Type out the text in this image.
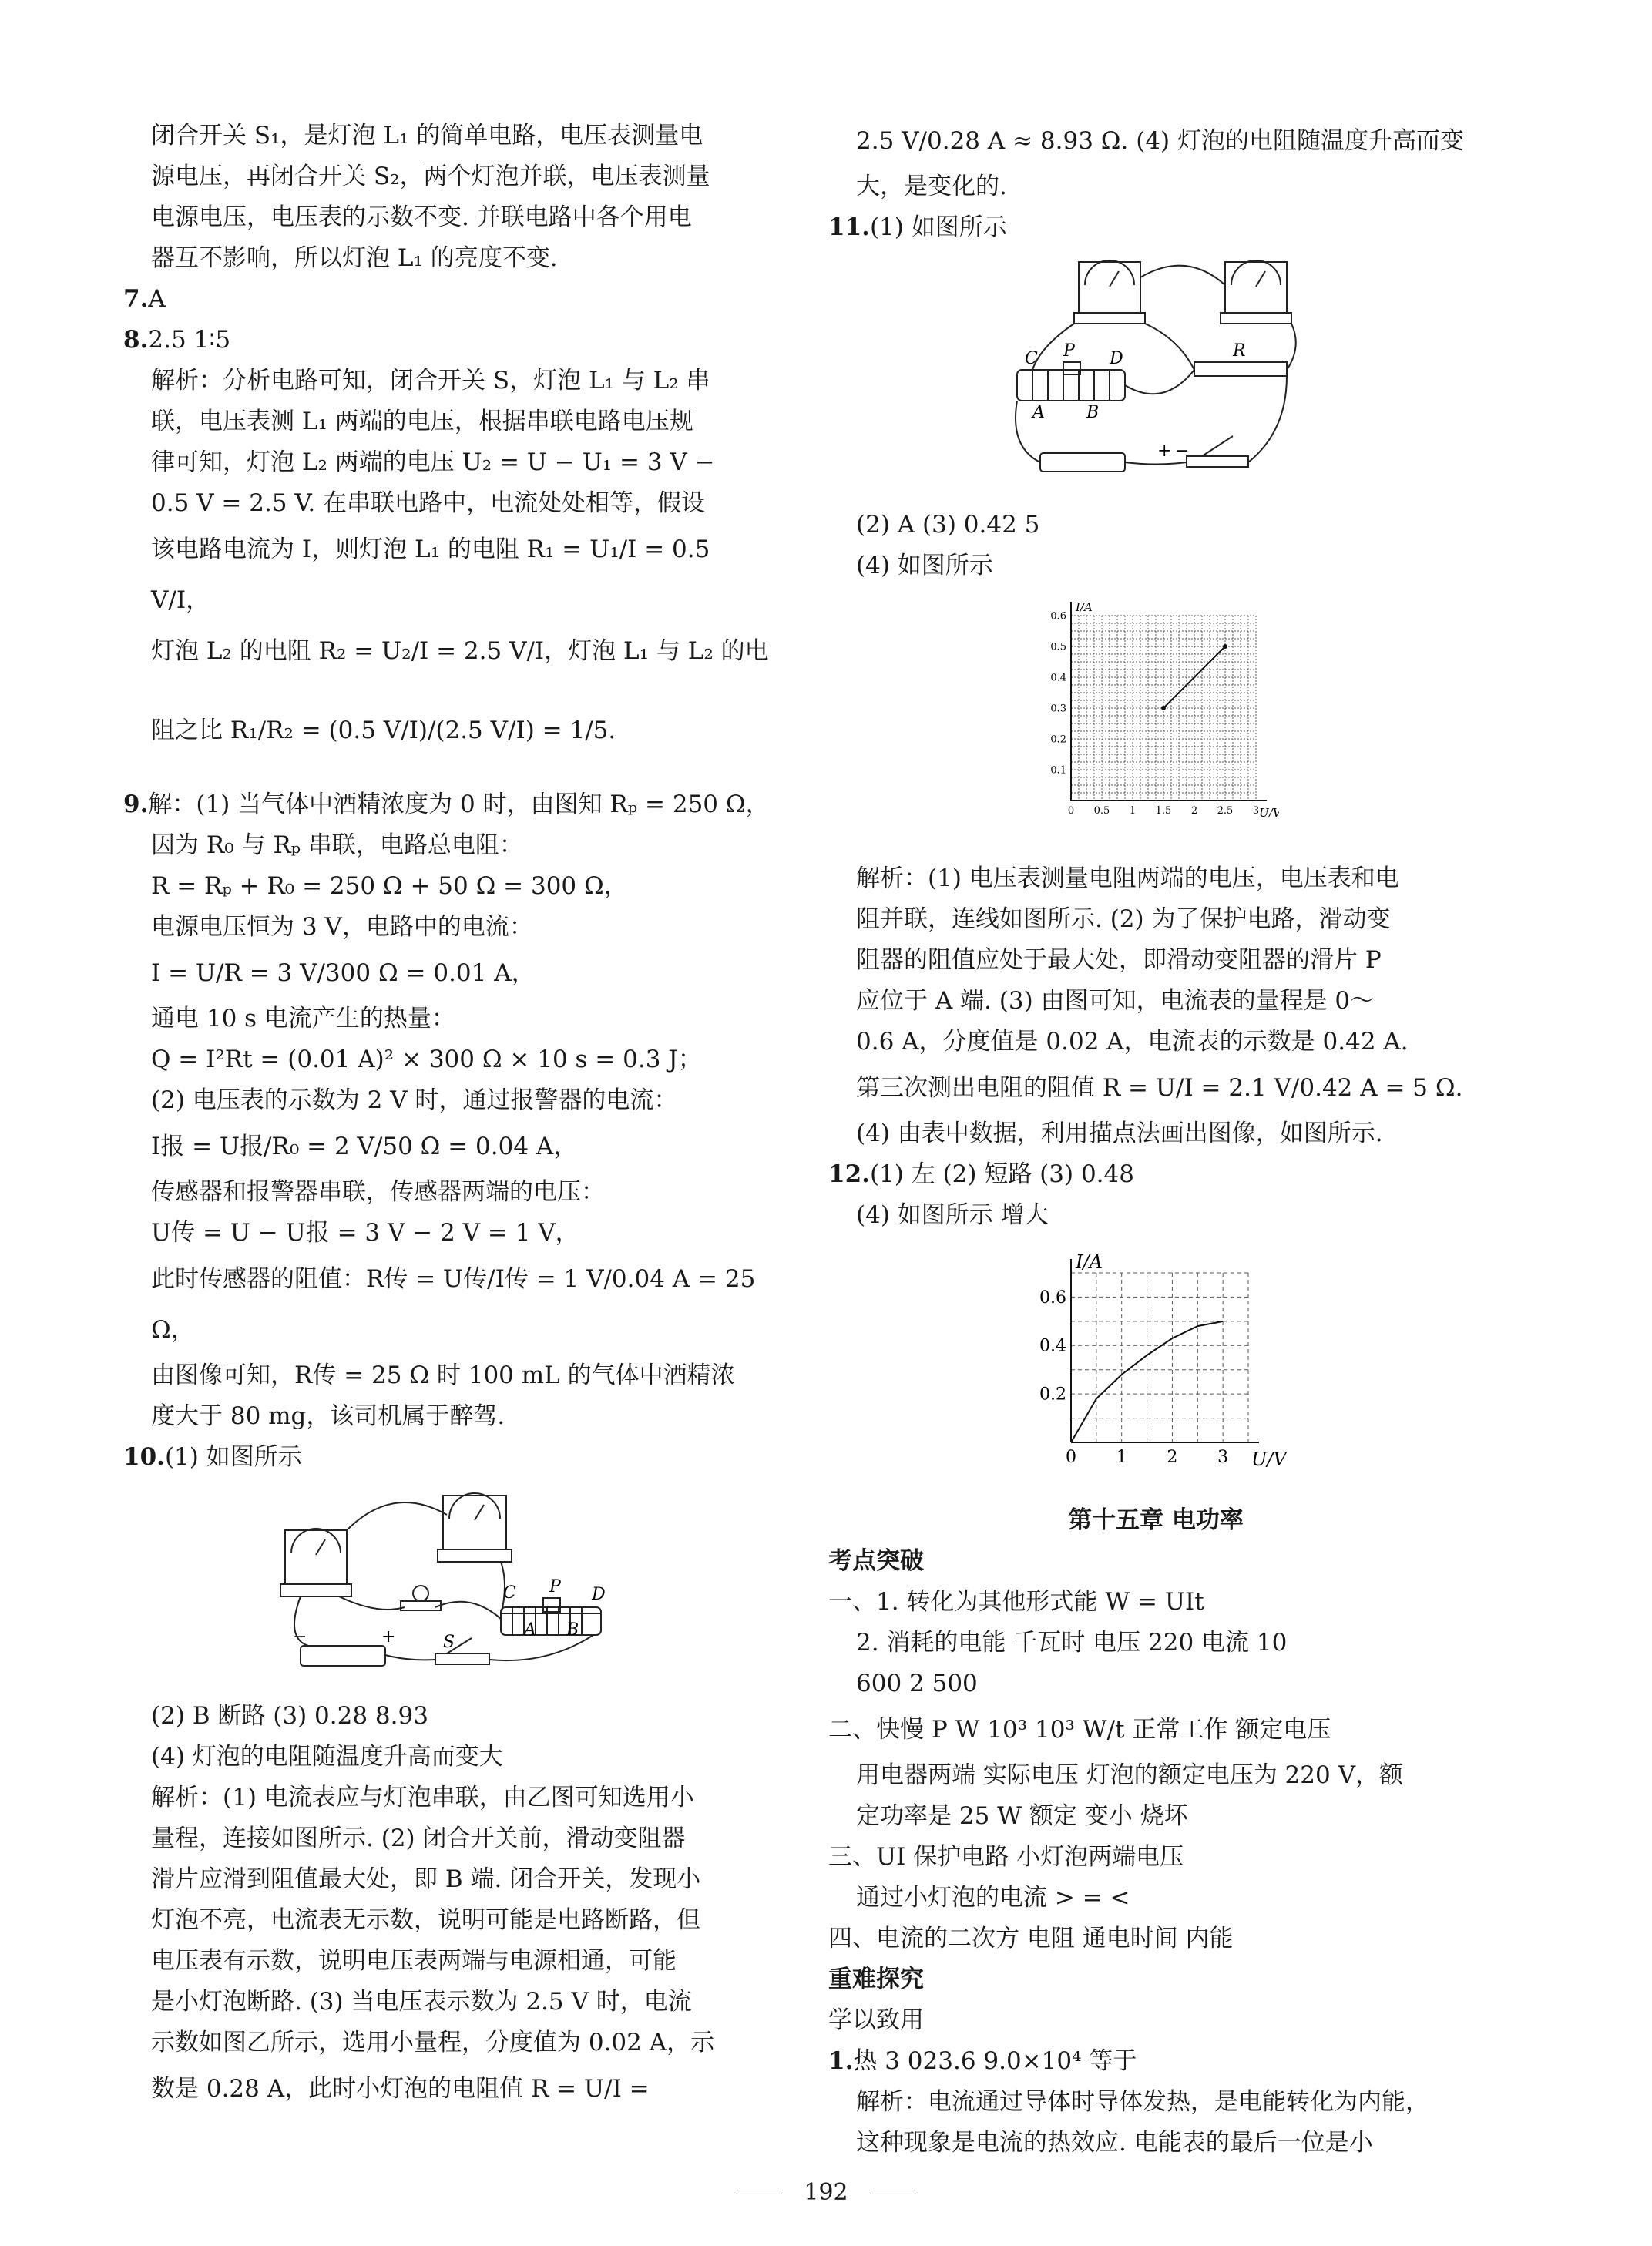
闭合开关 S₁，是灯泡 L₁ 的简单电路，电压表测量电

源电压，再闭合开关 S₂，两个灯泡并联，电压表测量

电源电压，电压表的示数不变. 并联电路中各个用电

器互不影响，所以灯泡 L₁ 的亮度不变.

7.A

8.2.5 1∶5

解析：分析电路可知，闭合开关 S，灯泡 L₁ 与 L₂ 串

联，电压表测 L₁ 两端的电压，根据串联电路电压规

律可知，灯泡 L₂ 两端的电压 U₂ = U − U₁ = 3 V −

0.5 V = 2.5 V. 在串联电路中，电流处处相等，假设

该电路电流为 I，则灯泡 L₁ 的电阻 R₁ = U₁/I = 0.5 V/I，

灯泡 L₂ 的电阻 R₂ = U₂/I = 2.5 V/I，灯泡 L₁ 与 L₂ 的电

阻之比 R₁/R₂ = (0.5 V/I)/(2.5 V/I) = 1/5.

9.解：(1) 当气体中酒精浓度为 0 时，由图知 Rₚ = 250 Ω，

因为 R₀ 与 Rₚ 串联，电路总电阻：

R = Rₚ + R₀ = 250 Ω + 50 Ω = 300 Ω，

电源电压恒为 3 V，电路中的电流：

I = U/R = 3 V/300 Ω = 0.01 A，

通电 10 s 电流产生的热量：

Q = I²Rt = (0.01 A)² × 300 Ω × 10 s = 0.3 J；

(2) 电压表的示数为 2 V 时，通过报警器的电流：

I报 = U报/R₀ = 2 V/50 Ω = 0.04 A，

传感器和报警器串联，传感器两端的电压：

U传 = U − U报 = 3 V − 2 V = 1 V，

此时传感器的阻值：R传 = U传/I传 = 1 V/0.04 A = 25 Ω，

由图像可知，R传 = 25 Ω 时 100 mL 的气体中酒精浓

度大于 80 mg，该司机属于醉驾.

10.(1) 如图所示

C P D
A B
S
−	+

(2) B 断路 (3) 0.28 8.93

(4) 灯泡的电阻随温度升高而变大

解析：(1) 电流表应与灯泡串联，由乙图可知选用小

量程，连接如图所示. (2) 闭合开关前，滑动变阻器

滑片应滑到阻值最大处，即 B 端. 闭合开关，发现小

灯泡不亮，电流表无示数，说明可能是电路断路，但

电压表有示数，说明电压表两端与电源相通，可能

是小灯泡断路. (3) 当电压表示数为 2.5 V 时，电流

示数如图乙所示，选用小量程，分度值为 0.02 A，示

数是 0.28 A，此时小灯泡的电阻值 R = U/I =

2.5 V/0.28 A ≈ 8.93 Ω. (4) 灯泡的电阻随温度升高而变

大，是变化的.

11.(1) 如图所示

C P D
A B
R
+ −

(2) A (3) 0.42 5

(4) 如图所示

0 0.5 1 1.5 2 2.5 3
0.1
0.2
0.3
0.4
0.5
0.6
I/A
U/V

解析：(1) 电压表测量电阻两端的电压，电压表和电

阻并联，连线如图所示. (2) 为了保护电路，滑动变

阻器的阻值应处于最大处，即滑动变阻器的滑片 P

应位于 A 端. (3) 由图可知，电流表的量程是 0～

0.6 A，分度值是 0.02 A，电流表的示数是 0.42 A.

第三次测出电阻的阻值 R = U/I = 2.1 V/0.42 A = 5 Ω.

(4) 由表中数据，利用描点法画出图像，如图所示.

12.(1) 左 (2) 短路 (3) 0.48

(4) 如图所示 增大

0 1 2 3
0.2
0.4
0.6
I/A
U/V

第十五章 电功率

考点突破

一、1. 转化为其他形式能 W = UIt

2. 消耗的电能 千瓦时 电压 220 电流 10

600 2 500

二、快慢 P W 10³ 10³ W/t 正常工作 额定电压

用电器两端 实际电压 灯泡的额定电压为 220 V，额

定功率是 25 W 额定 变小 烧坏

三、UI 保护电路 小灯泡两端电压

通过小灯泡的电流 > = <

四、电流的二次方 电阻 通电时间 内能

重难探究

学以致用

1.热 3 023.6 9.0×10⁴ 等于

解析：电流通过导体时导体发热，是电能转化为内能，

这种现象是电流的热效应. 电能表的最后一位是小

192
